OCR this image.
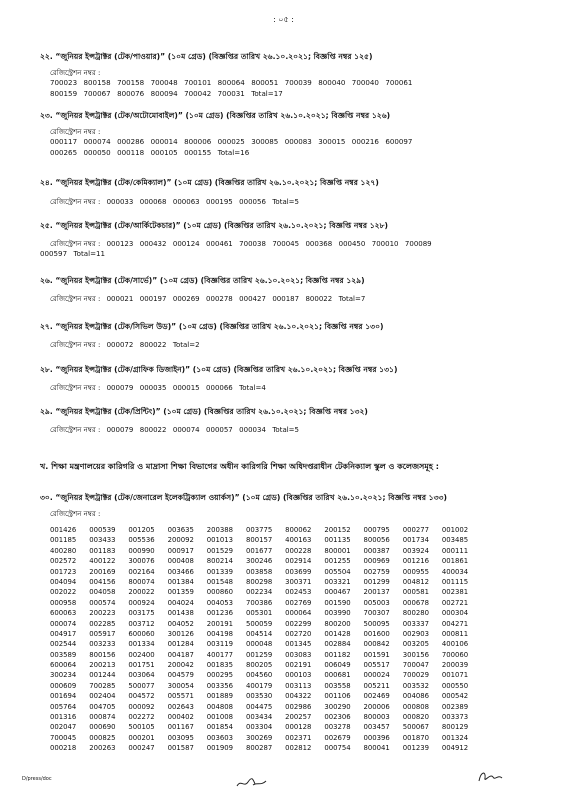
: ০৫ :
২২. “জুনিয়র ইন্সট্রাক্টর (টেক/পাওয়ার)” (১০ম গ্রেড) (বিজ্ঞপ্তির তারিখ ২৬.১০.২০২১; বিজ্ঞপ্তি নম্বর ১২৫)
রেজিস্ট্রেশন নম্বর :
700023 800158 700158 700048 700101 800064 800051 700039 800040 700040 700061
800159 700067 800076 800094 700042 700031 Total=17
২৩. “জুনিয়র ইন্সট্রাক্টর (টেক/অটোমোবাইল)” (১০ম গ্রেড) (বিজ্ঞপ্তির তারিখ ২৬.১০.২০২১; বিজ্ঞপ্তি নম্বর ১২৬)
রেজিস্ট্রেশন নম্বর :
000117 000074 000286 000014 800006 000025 300085 000083 300015 000216 600097
000265 000050 000118 000105 000155 Total=16
২৪. “জুনিয়র ইন্সট্রাক্টর (টেক/কেমিক্যাল)” (১০ম গ্রেড) (বিজ্ঞপ্তির তারিখ ২৬.১০.২০২১; বিজ্ঞপ্তি নম্বর ১২৭)
রেজিস্ট্রেশন নম্বর : 000033 000068 000063 000195 000056 Total=5
২৫. “জুনিয়র ইন্সট্রাক্টর (টেক/আর্কিটেকচার)” (১০ম গ্রেড) (বিজ্ঞপ্তির তারিখ ২৬.১০.২০২১; বিজ্ঞপ্তি নম্বর ১২৮)
রেজিস্ট্রেশন নম্বর : 000123 000432 000124 000461 700038 700045 000368 000450 700010 700089
000597 Total=11
২৬. “জুনিয়র ইন্সট্রাক্টর (টেক/সার্ভে)” (১০ম গ্রেড) (বিজ্ঞপ্তির তারিখ ২৬.১০.২০২১; বিজ্ঞপ্তি নম্বর ১২৯)
রেজিস্ট্রেশন নম্বর : 000021 000197 000269 000278 000427 000187 800022 Total=7
২৭. “জুনিয়র ইন্সট্রাক্টর (টেক/সিভিল উড)” (১০ম গ্রেড) (বিজ্ঞপ্তির তারিখ ২৬.১০.২০২১; বিজ্ঞপ্তি নম্বর ১৩০)
রেজিস্ট্রেশন নম্বর : 000072 800022 Total=2
২৮. “জুনিয়র ইন্সট্রাক্টর (টেক/গ্রাফিক ডিজাইন)” (১০ম গ্রেড) (বিজ্ঞপ্তির তারিখ ২৬.১০.২০২১; বিজ্ঞপ্তি নম্বর ১৩১)
রেজিস্ট্রেশন নম্বর : 000079 000035 000015 000066 Total=4
২৯. “জুনিয়র ইন্সট্রাক্টর (টেক/প্রিন্টিং)” (১০ম গ্রেড) (বিজ্ঞপ্তির তারিখ ২৬.১০.২০২১; বিজ্ঞপ্তি নম্বর ১৩২)
রেজিস্ট্রেশন নম্বর : 000079 800022 000074 000057 000034 Total=5
খ. শিক্ষা মন্ত্রণালয়ের কারিগরি ও মাদ্রাসা শিক্ষা বিভাগের অধীন কারিগরি শিক্ষা অধিদপ্তরাধীন টেকনিক্যাল স্কুল ও কলেজসমূহ :
৩০. “জুনিয়র ইন্সট্রাক্টর (টেক/জেনারেল ইলেকট্রিক্যাল ওয়ার্কস)” (১০ম গ্রেড) (বিজ্ঞপ্তির তারিখ ২৬.১০.২০২১; বিজ্ঞপ্তি নম্বর ১৩৩)
রেজিস্ট্রেশন নম্বর :
001426	000539	001205	003635	200388	003775	800062	200152	000795	000277	001002
001185	003433	005536	200092	001013	800157	400163	001135	800056	001734	003485
400280	001183	000990	000917	001529	001677	000228	800001	000387	003924	000111
002572	400122	300076	000408	800214	300246	002914	001255	000969	001216	001861
001723	200169	002164	003466	001339	003858	003699	005504	002759	000955	400034
004094	004156	800074	001384	001548	800298	300371	003321	001299	004812	001115
002022	004058	200022	001359	000860	002234	002453	000467	200137	000581	002381
000958	000574	000924	004024	004053	700386	002769	001590	005003	000678	002721
600063	200223	003175	001438	001236	005301	000064	003990	700307	800280	000304
000074	002285	003712	004052	200191	500059	002299	800200	500095	003337	004271
004917	005917	600060	300126	004198	004514	002720	001428	001600	002903	000811
002544	003233	001334	001284	003119	000048	001345	002884	000842	003205	400106
003589	800156	002400	004187	400177	001259	003083	001182	001591	300156	700060
600064	200213	001751	200042	001835	800205	002191	006049	005517	700047	200039
300234	001244	003064	004579	000295	004560	000103	000681	000024	700029	001071
000609	700285	500077	300054	003356	400179	003113	003558	005211	003532	000550
001694	002404	004572	005571	001889	003530	004322	001106	002469	004086	000542
005764	004705	000092	002643	004808	004475	002986	300290	200006	000808	002389
001316	000874	002272	000402	001008	003434	200257	002306	800003	000820	003373
002047	000690	500105	001167	001854	003304	000128	003278	003457	500067	800129
700045	000825	000201	003095	003603	300269	002371	002679	000396	001870	001324
000218	200263	000247	001587	001909	800287	002812	000754	800041	001239	004912
D/press/doc
